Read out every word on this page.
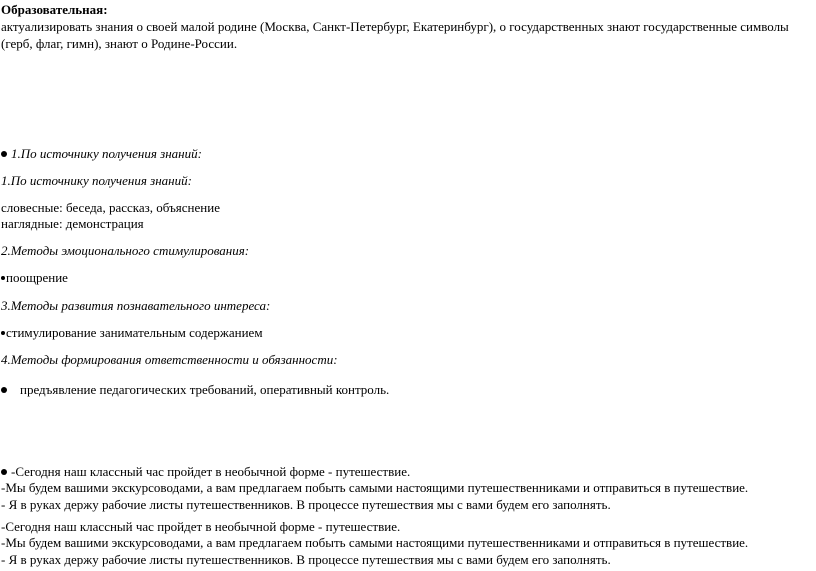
Образовательная:
актуализировать знания о своей малой родине (Москва, Санкт-Петербург, Екатеринбург), о государственных знают государственные символы (герб, флаг, гимн), знают о Родине-России.
1.По источнику получения знаний:
1.По источнику получения знаний:
словесные: беседа, рассказ, объяснение
наглядные: демонстрация
2.Методы эмоционального стимулирования:
поощрение
3.Методы развития познавательного интереса:
стимулирование занимательным содержанием
4.Методы формирования ответственности и обязанности:
предъявление педагогических требований, оперативный контроль.
-Сегодня наш классный час пройдет в необычной форме - путешествие.
-Мы будем вашими экскурсоводами, а вам предлагаем побыть самыми настоящими путешественниками и отправиться в путешествие.
- Я в руках держу рабочие листы путешественников. В процессе путешествия мы с вами будем его заполнять.
-Сегодня наш классный час пройдет в необычной форме - путешествие.
-Мы будем вашими экскурсоводами, а вам предлагаем побыть самыми настоящими путешественниками и отправиться в путешествие.
- Я в руках держу рабочие листы путешественников. В процессе путешествия мы с вами будем его заполнять.
